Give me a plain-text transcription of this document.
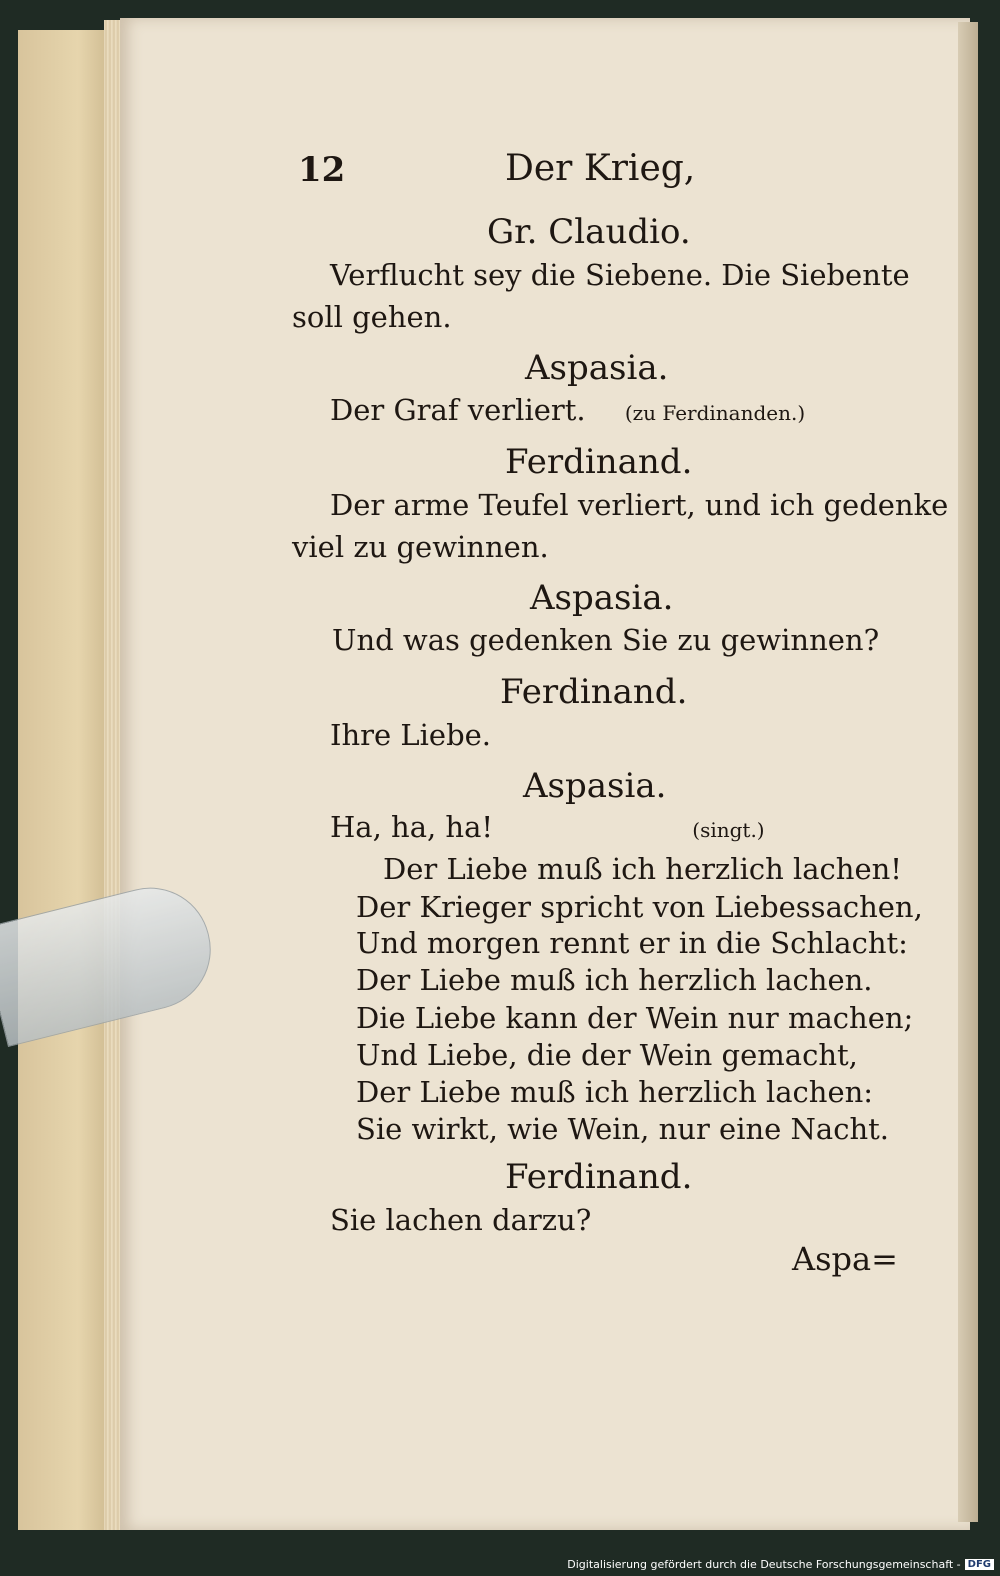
12	Der Krieg,
Gr. Claudio.
Verflucht sey die Siebene. Die Siebente
soll gehen.
Aspasia.
Der Graf verliert. (zu Ferdinanden.)
Ferdinand.
Der arme Teufel verliert, und ich gedenke
viel zu gewinnen.
Aspasia.
Und was gedenken Sie zu gewinnen?
Ferdinand.
Ihre Liebe.
Aspasia.
Ha, ha, ha!	(singt.)
Der Liebe muß ich herzlich lachen!
Der Krieger spricht von Liebessachen,
Und morgen rennt er in die Schlacht:
Der Liebe muß ich herzlich lachen.
Die Liebe kann der Wein nur machen;
Und Liebe, die der Wein gemacht,
Der Liebe muß ich herzlich lachen:
Sie wirkt, wie Wein, nur eine Nacht.
Ferdinand.
Sie lachen darzu?
Aspa=
Digitalisierung gefördert durch die Deutsche Forschungsgemeinschaft - DFG
